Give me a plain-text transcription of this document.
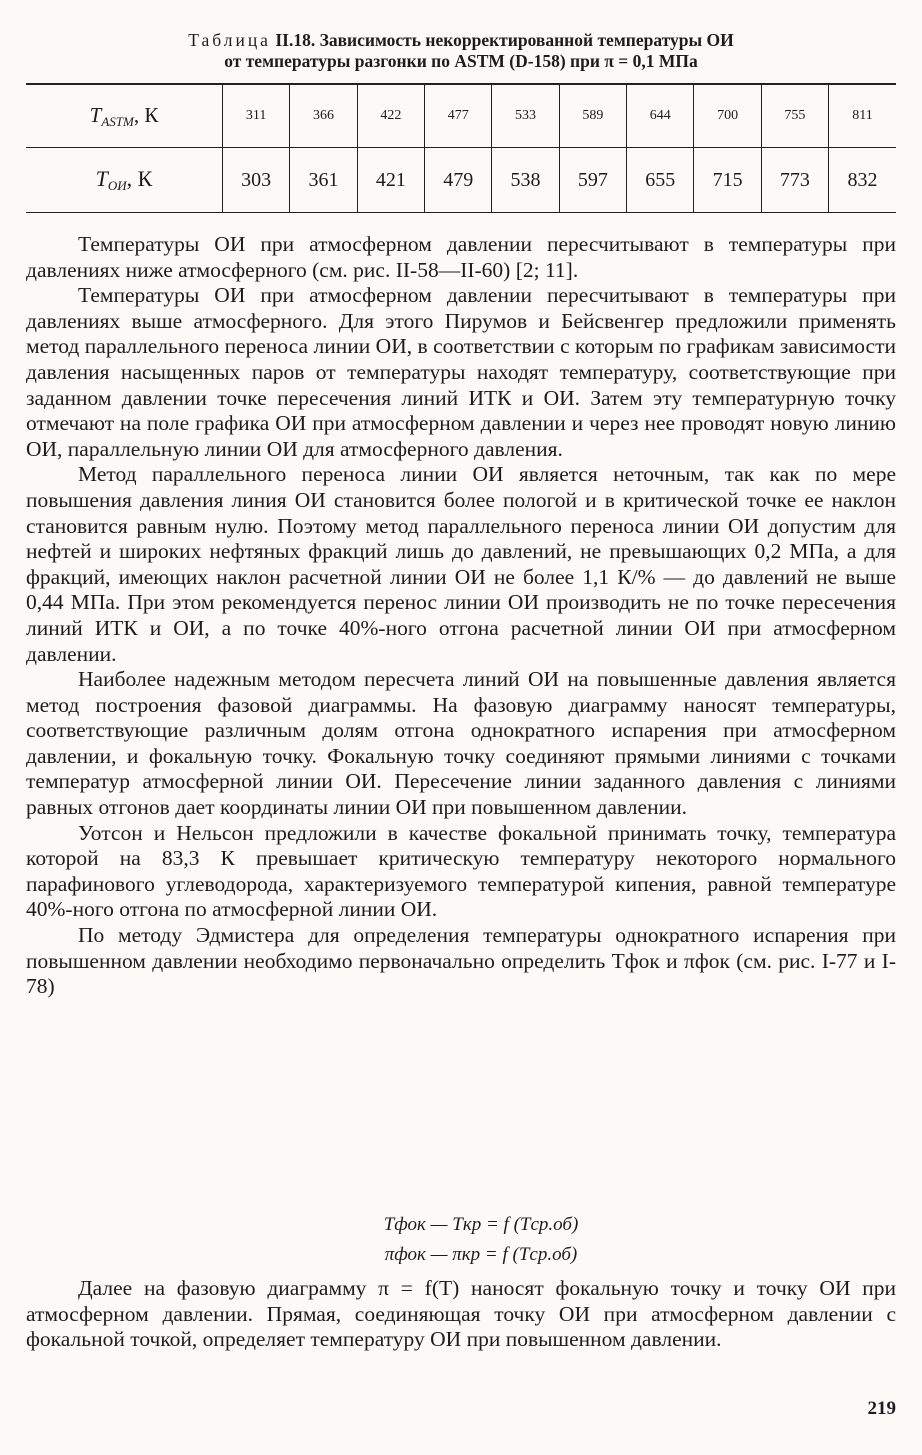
Таблица II.18. Зависимость некорректированной температуры ОИ
от температуры разгонки по ASTM (D-158) при π = 0,1 МПа
TASTM, К	311	366	422	477	533	589	644	700	755	811
TОИ, К	303	361	421	479	538	597	655	715	773	832

Температуры ОИ при атмосферном давлении пересчитывают в температуры при давлениях ниже атмосферного (см. рис. II-58—II-60) [2; 11].

Температуры ОИ при атмосферном давлении пересчитывают в температуры при давлениях выше атмосферного. Для этого Пирумов и Бейсвенгер предложили применять метод параллельного переноса линии ОИ, в соответствии с которым по графикам зависимости давления насыщенных паров от температуры находят температуру, соответствующие при заданном давлении точке пересечения линий ИТК и ОИ. Затем эту температурную точку отмечают на поле графика ОИ при атмосферном давлении и через нее проводят новую линию ОИ, параллельную линии ОИ для атмосферного давления.

Метод параллельного переноса линии ОИ является неточным, так как по мере повышения давления линия ОИ становится более пологой и в критической точке ее наклон становится равным нулю. Поэтому метод параллельного переноса линии ОИ допустим для нефтей и широких нефтяных фракций лишь до давлений, не превышающих 0,2 МПа, а для фракций, имеющих наклон расчетной линии ОИ не более 1,1 К/% — до давлений не выше 0,44 МПа. При этом рекомендуется перенос линии ОИ производить не по точке пересечения линий ИТК и ОИ, а по точке 40%-ного отгона расчетной линии ОИ при атмосферном давлении.

Наиболее надежным методом пересчета линий ОИ на повышенные давления является метод построения фазовой диаграммы. На фазовую диаграмму наносят температуры, соответствующие различным долям отгона однократного испарения при атмосферном давлении, и фокальную точку. Фокальную точку соединяют прямыми линиями с точками температур атмосферной линии ОИ. Пересечение линии заданного давления с линиями равных отгонов дает координаты линии ОИ при повышенном давлении.

Уотсон и Нельсон предложили в качестве фокальной принимать точку, температура которой на 83,3 К превышает критическую температуру некоторого нормального парафинового углеводорода, характеризуемого температурой кипения, равной температуре 40%-ного отгона по атмосферной линии ОИ.

По методу Эдмистера для определения температуры однократного испарения при повышенном давлении необходимо первоначально определить Tфок и πфок (см. рис. I-77 и I-78)

Tфок — Tкр = f (Tср.об)
πфок — πкр = f (Tср.об)

Далее на фазовую диаграмму π = f(T) наносят фокальную точку и точку ОИ при атмосферном давлении. Прямая, соединяющая точку ОИ при атмосферном давлении с фокальной точкой, определяет температуру ОИ при повышенном давлении.

219
